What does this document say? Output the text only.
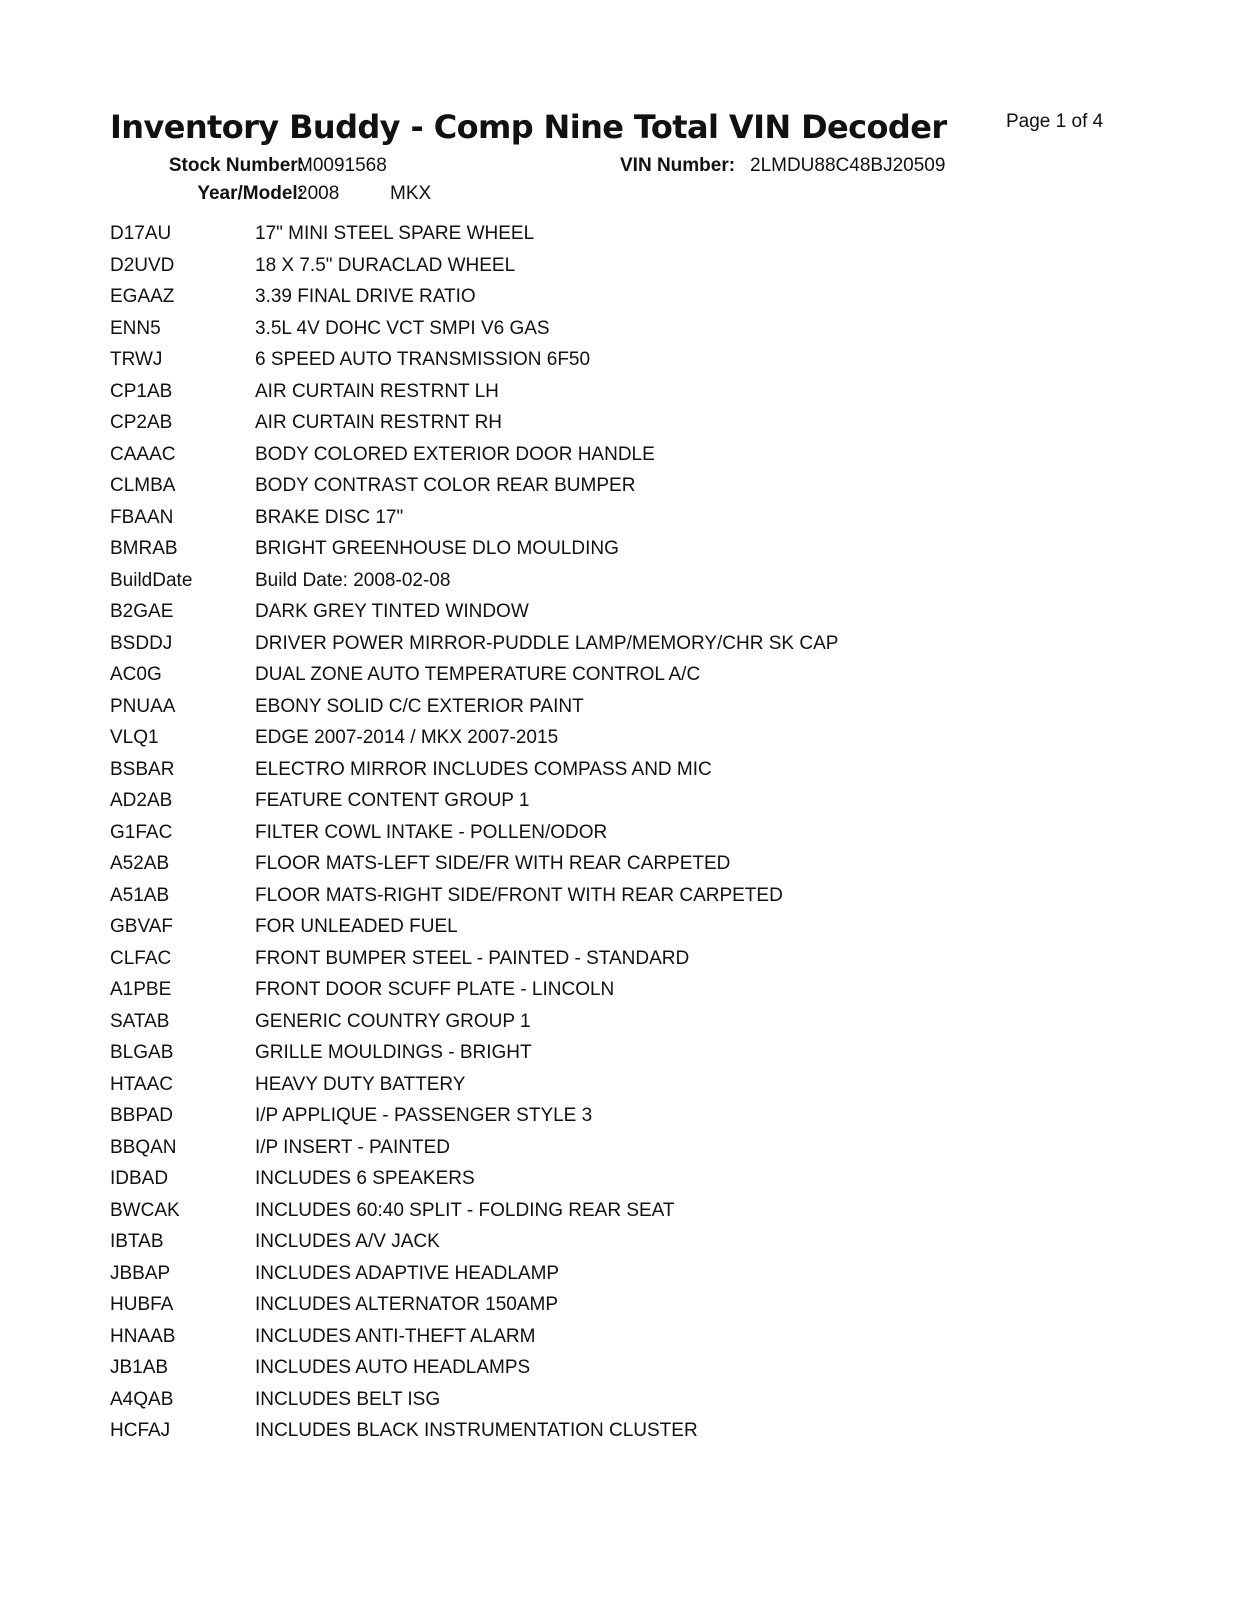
Inventory Buddy - Comp Nine Total VIN Decoder	Page 1 of 4
Stock Number:
M0091568	VIN Number: 2LMDU88C48BJ20509
Year/Model:
2008	MKX
D17AU	17" MINI STEEL SPARE WHEEL
D2UVD	18 X 7.5" DURACLAD WHEEL
EGAAZ	3.39 FINAL DRIVE RATIO
ENN5	3.5L 4V DOHC VCT SMPI V6 GAS
TRWJ	6 SPEED AUTO TRANSMISSION 6F50
CP1AB	AIR CURTAIN RESTRNT LH
CP2AB	AIR CURTAIN RESTRNT RH
CAAAC	BODY COLORED EXTERIOR DOOR HANDLE
CLMBA	BODY CONTRAST COLOR REAR BUMPER
FBAAN	BRAKE DISC 17"
BMRAB	BRIGHT GREENHOUSE DLO MOULDING
BuildDate	Build Date: 2008-02-08
B2GAE	DARK GREY TINTED WINDOW
BSDDJ	DRIVER POWER MIRROR-PUDDLE LAMP/MEMORY/CHR SK CAP
AC0G	DUAL ZONE AUTO TEMPERATURE CONTROL A/C
PNUAA	EBONY SOLID C/C EXTERIOR PAINT
VLQ1	EDGE 2007-2014 / MKX 2007-2015
BSBAR	ELECTRO MIRROR INCLUDES COMPASS AND MIC
AD2AB	FEATURE CONTENT GROUP 1
G1FAC	FILTER COWL INTAKE - POLLEN/ODOR
A52AB	FLOOR MATS-LEFT SIDE/FR WITH REAR CARPETED
A51AB	FLOOR MATS-RIGHT SIDE/FRONT WITH REAR CARPETED
GBVAF	FOR UNLEADED FUEL
CLFAC	FRONT BUMPER STEEL - PAINTED - STANDARD
A1PBE	FRONT DOOR SCUFF PLATE - LINCOLN
SATAB	GENERIC COUNTRY GROUP 1
BLGAB	GRILLE MOULDINGS - BRIGHT
HTAAC	HEAVY DUTY BATTERY
BBPAD	I/P APPLIQUE - PASSENGER STYLE 3
BBQAN	I/P INSERT - PAINTED
IDBAD	INCLUDES 6 SPEAKERS
BWCAK	INCLUDES 60:40 SPLIT - FOLDING REAR SEAT
IBTAB	INCLUDES A/V JACK
JBBAP	INCLUDES ADAPTIVE HEADLAMP
HUBFA	INCLUDES ALTERNATOR 150AMP
HNAAB	INCLUDES ANTI-THEFT ALARM
JB1AB	INCLUDES AUTO HEADLAMPS
A4QAB	INCLUDES BELT ISG
HCFAJ	INCLUDES BLACK INSTRUMENTATION CLUSTER
